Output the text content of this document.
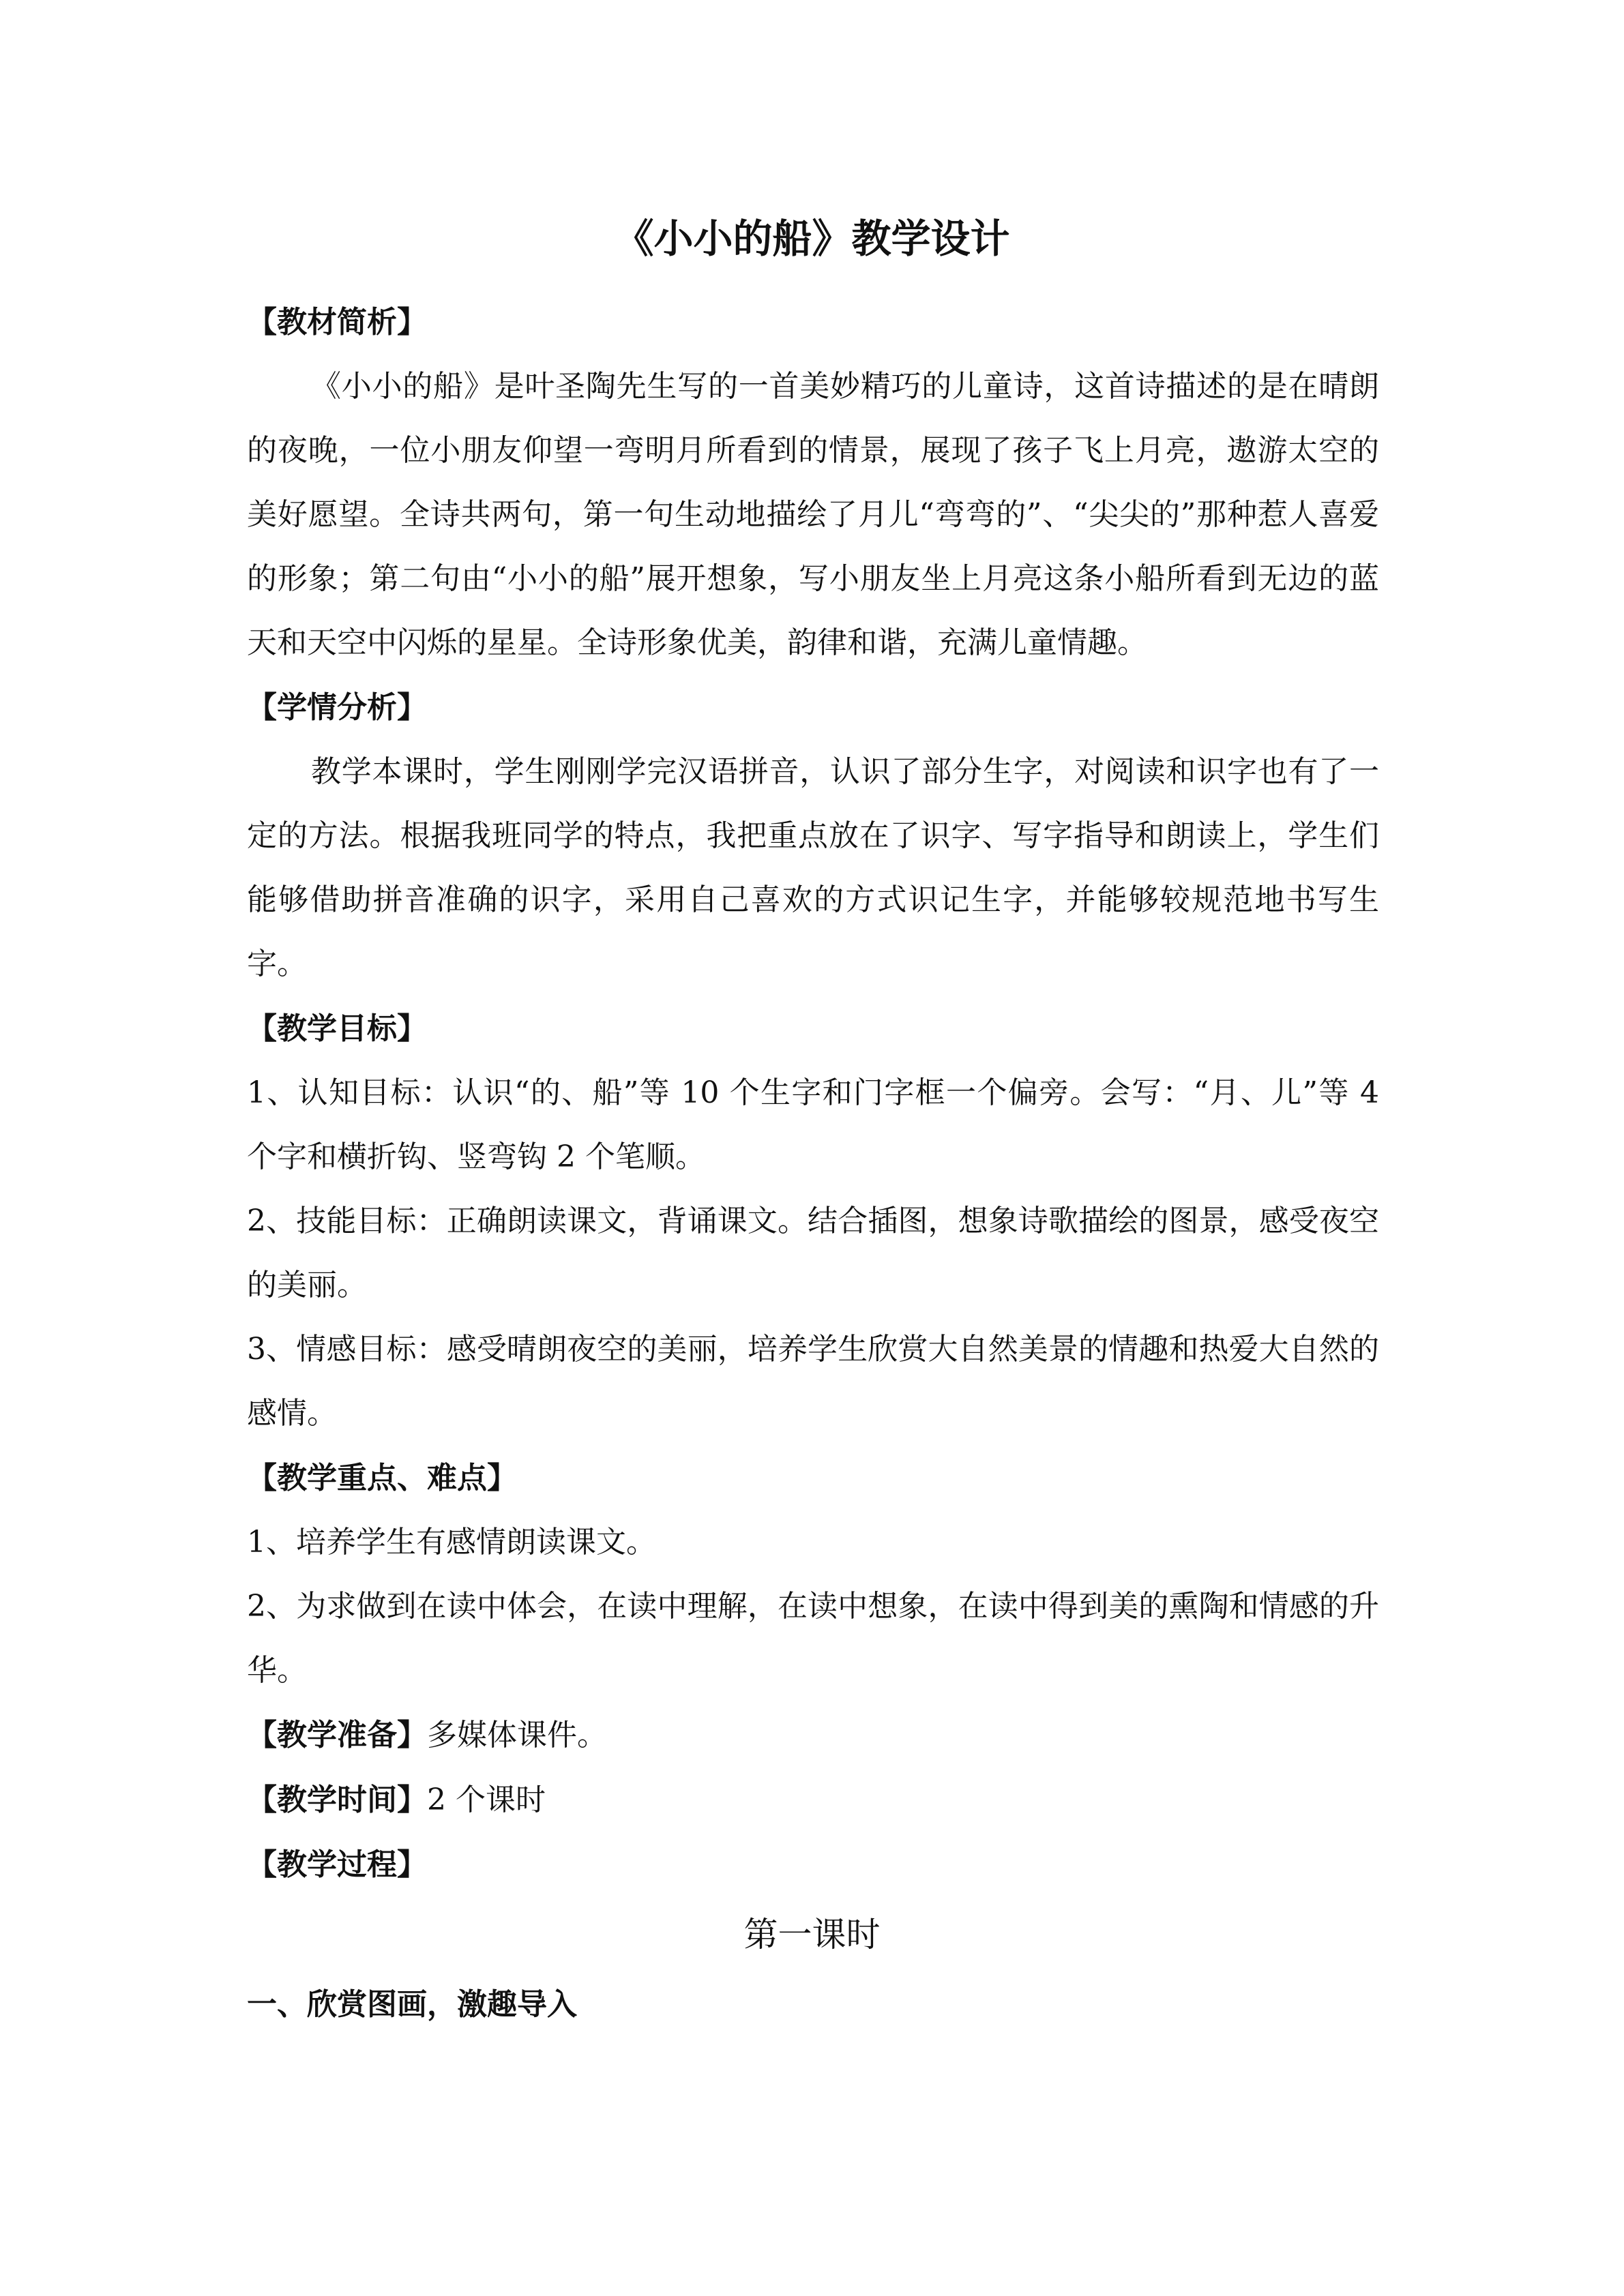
《小小的船》教学设计
【教材简析】
《小小的船》是叶圣陶先生写的一首美妙精巧的儿童诗，这首诗描述的是在晴朗的夜晚，一位小朋友仰望一弯明月所看到的情景，展现了孩子飞上月亮，遨游太空的美好愿望。全诗共两句，第一句生动地描绘了月儿“弯弯的”、“尖尖的”那种惹人喜爱的形象；第二句由“小小的船”展开想象，写小朋友坐上月亮这条小船所看到无边的蓝天和天空中闪烁的星星。全诗形象优美，韵律和谐，充满儿童情趣。
【学情分析】
教学本课时，学生刚刚学完汉语拼音，认识了部分生字，对阅读和识字也有了一定的方法。根据我班同学的特点，我把重点放在了识字、写字指导和朗读上，学生们能够借助拼音准确的识字，采用自己喜欢的方式识记生字，并能够较规范地书写生字。
【教学目标】
1、认知目标：认识“的、船”等 10 个生字和门字框一个偏旁。会写：“月、儿”等 4 个字和横折钩、竖弯钩 2 个笔顺。
2、技能目标：正确朗读课文，背诵课文。结合插图，想象诗歌描绘的图景，感受夜空的美丽。
3、情感目标：感受晴朗夜空的美丽，培养学生欣赏大自然美景的情趣和热爱大自然的感情。
【教学重点、难点】
1、培养学生有感情朗读课文。
2、为求做到在读中体会，在读中理解，在读中想象，在读中得到美的熏陶和情感的升华。
【教学准备】多媒体课件。
【教学时间】2 个课时
【教学过程】
第一课时
一、欣赏图画，激趣导入
